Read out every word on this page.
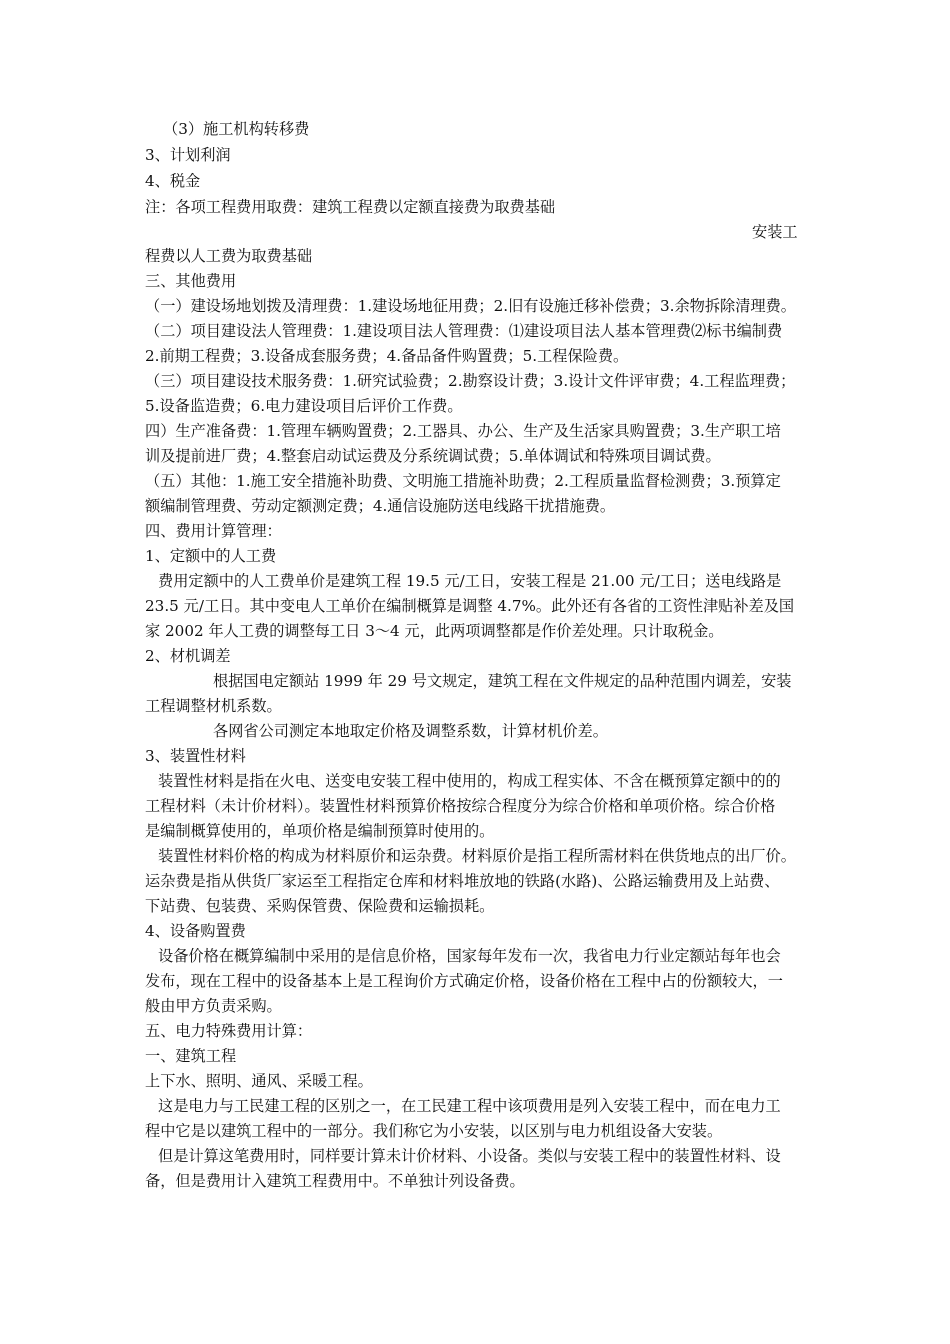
（3）施工机构转移费
3、计划利润
4、税金
注：各项工程费用取费：建筑工程费以定额直接费为取费基础
安装工
程费以人工费为取费基础
三、其他费用
（一）建设场地划拨及清理费：1.建设场地征用费；2.旧有设施迁移补偿费；3.余物拆除清理费。
（二）项目建设法人管理费：1.建设项目法人管理费：⑴建设项目法人基本管理费⑵标书编制费
2.前期工程费；3.设备成套服务费；4.备品备件购置费；5.工程保险费。
（三）项目建设技术服务费：1.研究试验费；2.勘察设计费；3.设计文件评审费；4.工程监理费；
5.设备监造费；6.电力建设项目后评价工作费。
四）生产准备费：1.管理车辆购置费；2.工器具、办公、生产及生活家具购置费；3.生产职工培
训及提前进厂费；4.整套启动试运费及分系统调试费；5.单体调试和特殊项目调试费。
（五）其他：1.施工安全措施补助费、文明施工措施补助费；2.工程质量监督检测费；3.预算定
额编制管理费、劳动定额测定费；4.通信设施防送电线路干扰措施费。
四、费用计算管理：
1、定额中的人工费
费用定额中的人工费单价是建筑工程 19.5 元/工日，安装工程是 21.00 元/工日；送电线路是
23.5 元/工日。其中变电人工单价在编制概算是调整 4.7%。此外还有各省的工资性津贴补差及国
家 2002 年人工费的调整每工日 3～4 元，此两项调整都是作价差处理。只计取税金。
2、材机调差
根据国电定额站 1999 年 29 号文规定，建筑工程在文件规定的品种范围内调差，安装
工程调整材机系数。
各网省公司测定本地取定价格及调整系数，计算材机价差。
3、装置性材料
装置性材料是指在火电、送变电安装工程中使用的，构成工程实体、不含在概预算定额中的的
工程材料（未计价材料）。装置性材料预算价格按综合程度分为综合价格和单项价格。综合价格
是编制概算使用的，单项价格是编制预算时使用的。
装置性材料价格的构成为材料原价和运杂费。材料原价是指工程所需材料在供货地点的出厂价。
运杂费是指从供货厂家运至工程指定仓库和材料堆放地的铁路(水路)、公路运输费用及上站费、
下站费、包装费、采购保管费、保险费和运输损耗。
4、设备购置费
设备价格在概算编制中采用的是信息价格，国家每年发布一次，我省电力行业定额站每年也会
发布，现在工程中的设备基本上是工程询价方式确定价格，设备价格在工程中占的份额较大，一
般由甲方负责采购。
五、电力特殊费用计算：
一、建筑工程
上下水、照明、通风、采暖工程。
这是电力与工民建工程的区别之一，在工民建工程中该项费用是列入安装工程中，而在电力工
程中它是以建筑工程中的一部分。我们称它为小安装，以区别与电力机组设备大安装。
但是计算这笔费用时，同样要计算未计价材料、小设备。类似与安装工程中的装置性材料、设
备，但是费用计入建筑工程费用中。不单独计列设备费。
